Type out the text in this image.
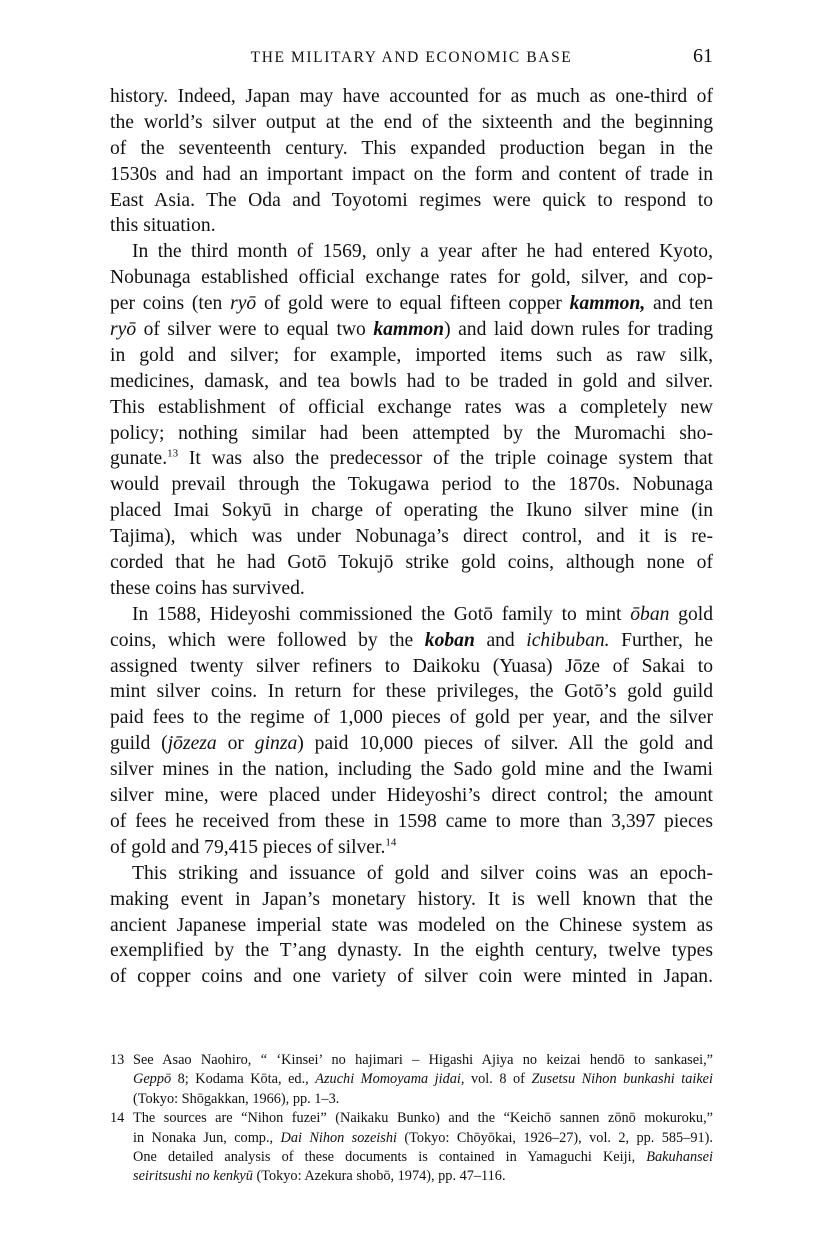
THE MILITARY AND ECONOMIC BASE	61
history. Indeed, Japan may have accounted for as much as one-third of
the world’s silver output at the end of the sixteenth and the beginning
of the seventeenth century. This expanded production began in the
1530s and had an important impact on the form and content of trade in
East Asia. The Oda and Toyotomi regimes were quick to respond to
this situation.
In the third month of 1569, only a year after he had entered Kyoto,
Nobunaga established official exchange rates for gold, silver, and cop-
per coins (ten ryō of gold were to equal fifteen copper kammon, and ten
ryō of silver were to equal two kammon) and laid down rules for trading
in gold and silver; for example, imported items such as raw silk,
medicines, damask, and tea bowls had to be traded in gold and silver.
This establishment of official exchange rates was a completely new
policy; nothing similar had been attempted by the Muromachi sho-
gunate.$^{13}$ It was also the predecessor of the triple coinage system that
would prevail through the Tokugawa period to the 1870s. Nobunaga
placed Imai Sokyū in charge of operating the Ikuno silver mine (in
Tajima), which was under Nobunaga’s direct control, and it is re-
corded that he had Gotō Tokujō strike gold coins, although none of
these coins has survived.
In 1588, Hideyoshi commissioned the Gotō family to mint ōban gold
coins, which were followed by the koban and ichibuban. Further, he
assigned twenty silver refiners to Daikoku (Yuasa) Jōze of Sakai to
mint silver coins. In return for these privileges, the Gotō’s gold guild
paid fees to the regime of 1,000 pieces of gold per year, and the silver
guild (jōzeza or ginza) paid 10,000 pieces of silver. All the gold and
silver mines in the nation, including the Sado gold mine and the Iwami
silver mine, were placed under Hideyoshi’s direct control; the amount
of fees he received from these in 1598 came to more than 3,397 pieces
of gold and 79,415 pieces of silver.$^{14}$
This striking and issuance of gold and silver coins was an epoch-
making event in Japan’s monetary history. It is well known that the
ancient Japanese imperial state was modeled on the Chinese system as
exemplified by the T’ang dynasty. In the eighth century, twelve types
of copper coins and one variety of silver coin were minted in Japan.
13 See Asao Naohiro, “ ‘Kinsei’ no hajimari – Higashi Ajiya no keizai hendō to sankasei,”
Geppō 8; Kodama Kōta, ed., Azuchi Momoyama jidai, vol. 8 of Zusetsu Nihon bunkashi taikei
(Tokyo: Shōgakkan, 1966), pp. 1–3.
14 The sources are “Nihon fuzei” (Naikaku Bunko) and the “Keichō sannen zōnō mokuroku,”
in Nonaka Jun, comp., Dai Nihon sozeishi (Tokyo: Chōyōkai, 1926–27), vol. 2, pp. 585–91).
One detailed analysis of these documents is contained in Yamaguchi Keiji, Bakuhansei
seiritsushi no kenkyū (Tokyo: Azekura shobō, 1974), pp. 47–116.
